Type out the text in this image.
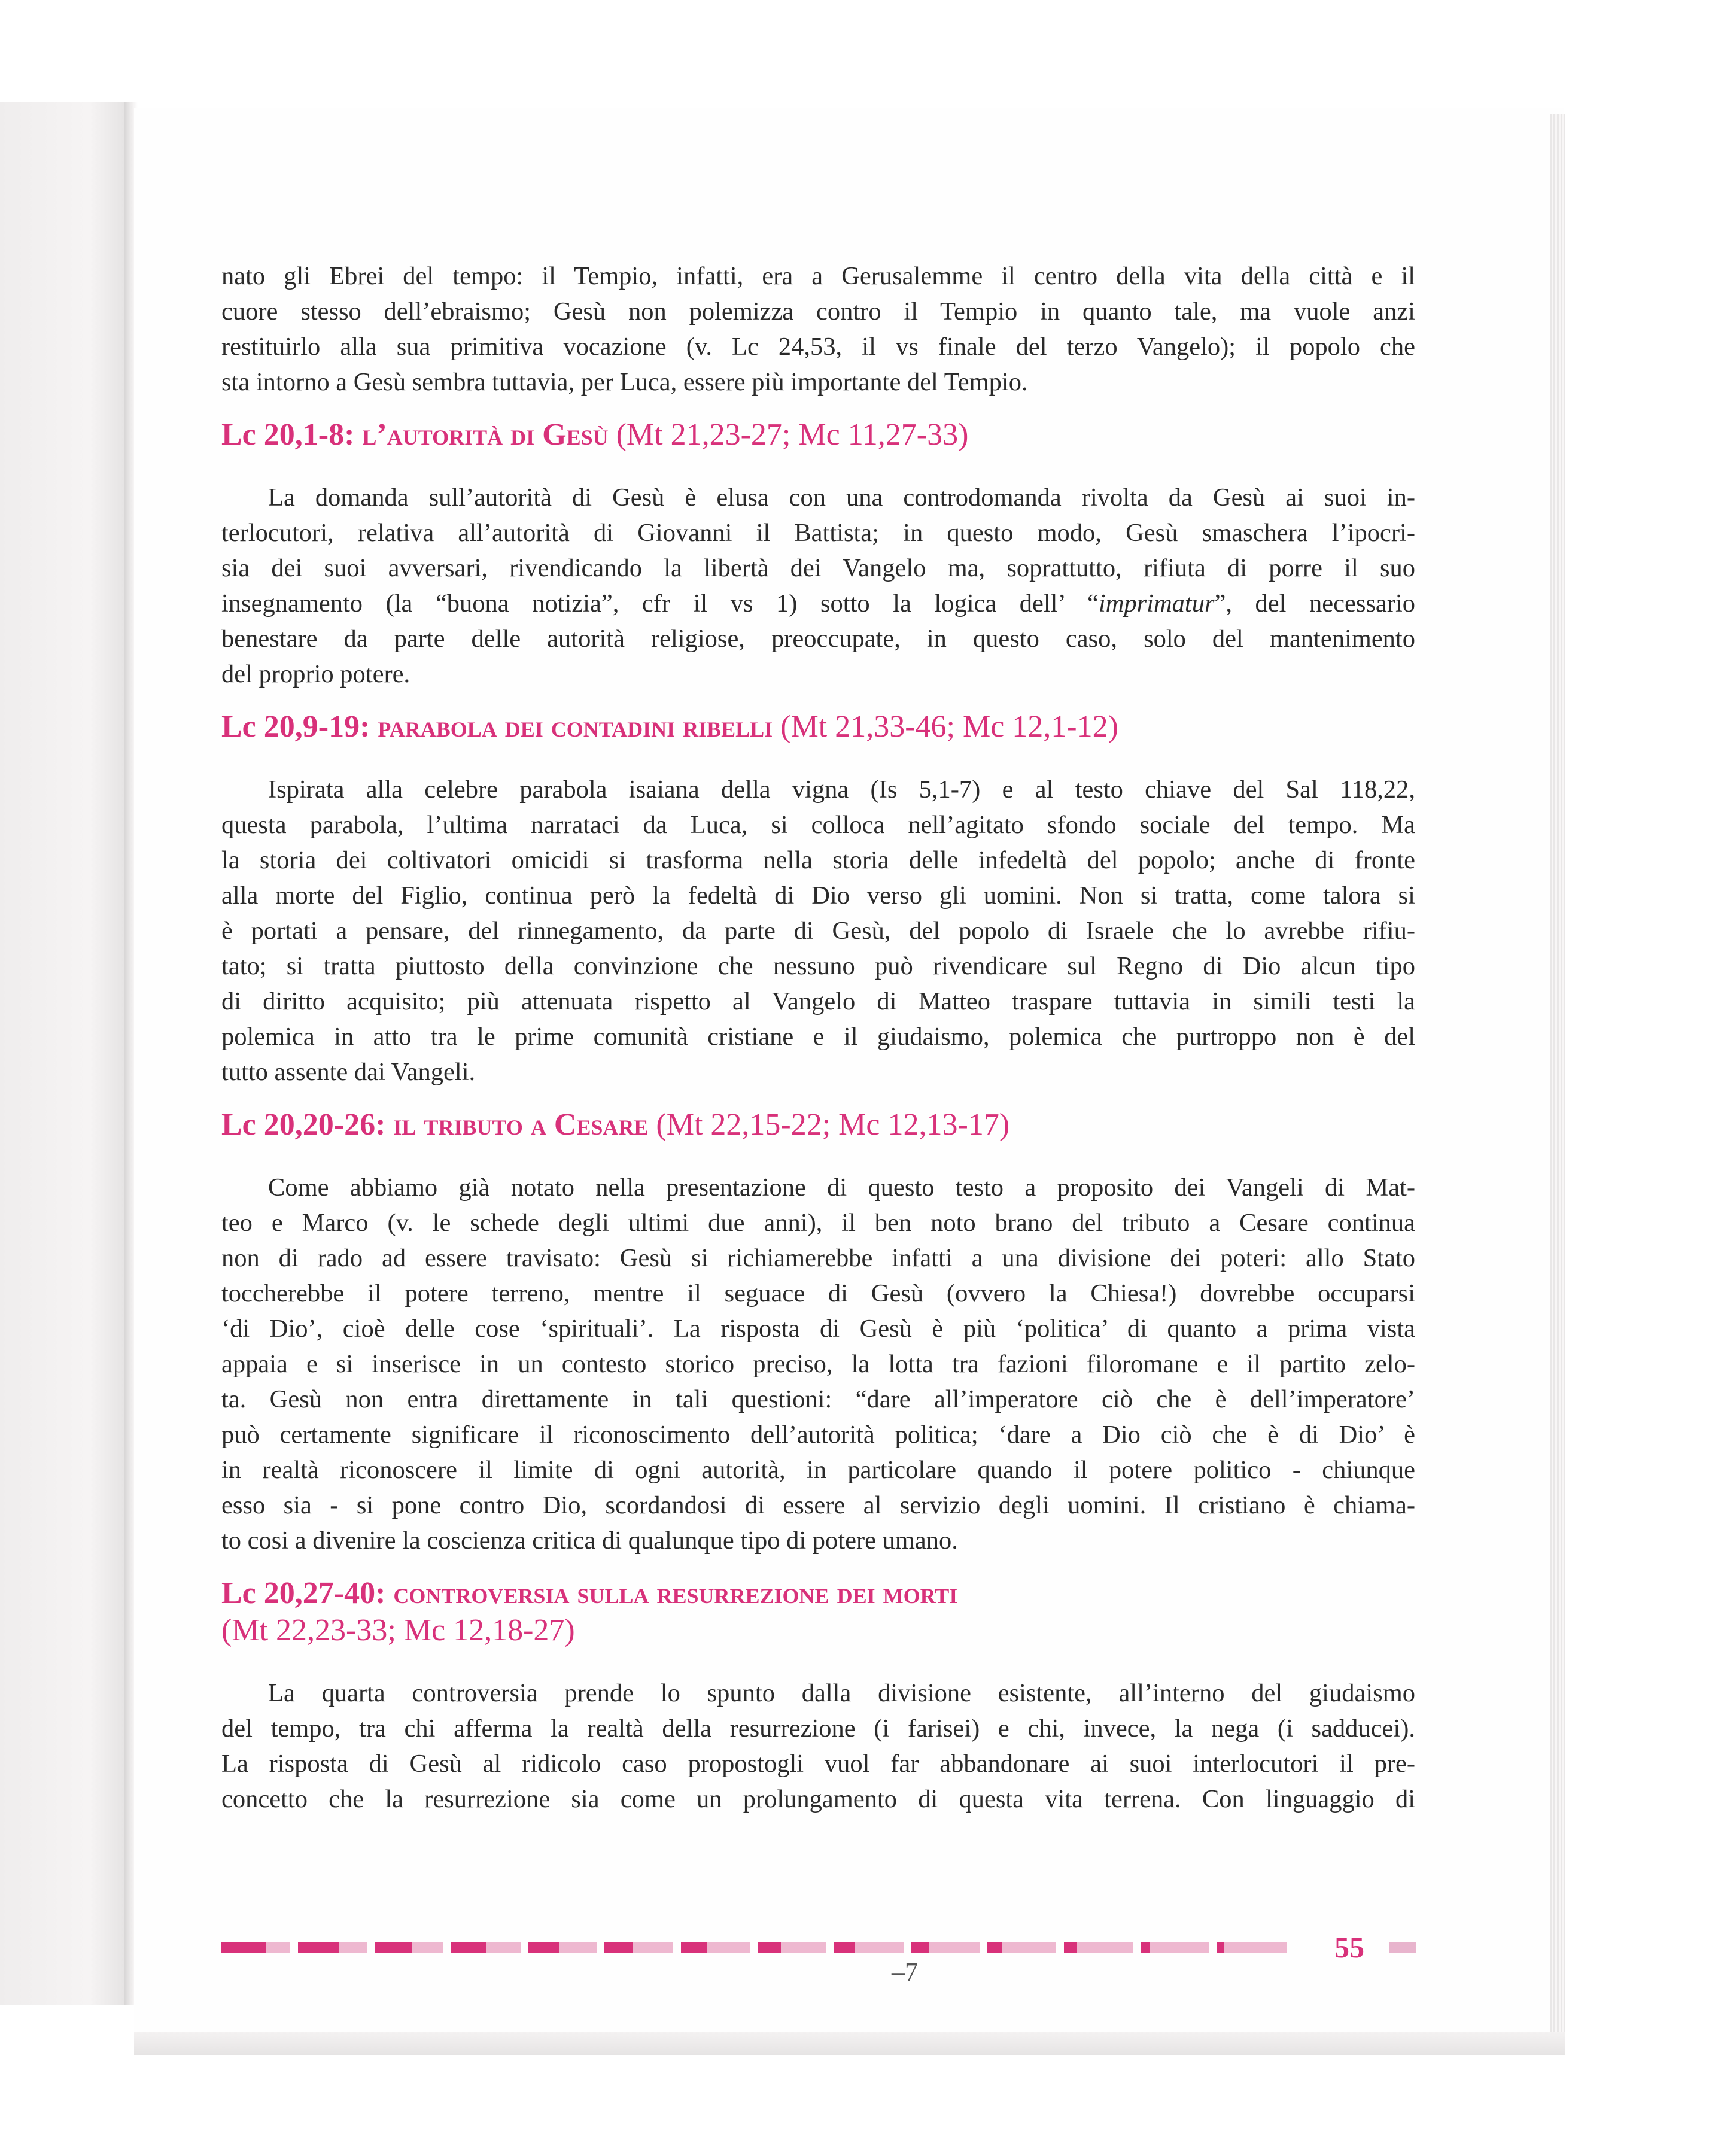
nato gli Ebrei del tempo: il Tempio, infatti, era a Gerusalemme il centro della vita della città e il
cuore stesso dell’ebraismo; Gesù non polemizza contro il Tempio in quanto tale, ma vuole anzi
restituirlo alla sua primitiva vocazione (v. Lc 24,53, il vs finale del terzo Vangelo); il popolo che
sta intorno a Gesù sembra tuttavia, per Luca, essere più importante del Tempio.
Lc 20,1-8: l’autorità di Gesù (Mt 21,23-27; Mc 11,27-33)
La domanda sull’autorità di Gesù è elusa con una controdomanda rivolta da Gesù ai suoi in-
terlocutori, relativa all’autorità di Giovanni il Battista; in questo modo, Gesù smaschera l’ipocri-
sia dei suoi avversari, rivendicando la libertà dei Vangelo ma, soprattutto, rifiuta di porre il suo
insegnamento (la “buona notizia”, cfr il vs 1) sotto la logica dell’ “imprimatur”, del necessario
benestare da parte delle autorità religiose, preoccupate, in questo caso, solo del mantenimento
del proprio potere.
Lc 20,9-19: parabola dei contadini ribelli (Mt 21,33-46; Mc 12,1-12)
Ispirata alla celebre parabola isaiana della vigna (Is 5,1-7) e al testo chiave del Sal 118,22,
questa parabola, l’ultima narrataci da Luca, si colloca nell’agitato sfondo sociale del tempo. Ma
la storia dei coltivatori omicidi si trasforma nella storia delle infedeltà del popolo; anche di fronte
alla morte del Figlio, continua però la fedeltà di Dio verso gli uomini. Non si tratta, come talora si
è portati a pensare, del rinnegamento, da parte di Gesù, del popolo di Israele che lo avrebbe rifiu-
tato; si tratta piuttosto della convinzione che nessuno può rivendicare sul Regno di Dio alcun tipo
di diritto acquisito; più attenuata rispetto al Vangelo di Matteo traspare tuttavia in simili testi la
polemica in atto tra le prime comunità cristiane e il giudaismo, polemica che purtroppo non è del
tutto assente dai Vangeli.
Lc 20,20-26: il tributo a Cesare (Mt 22,15-22; Mc 12,13-17)
Come abbiamo già notato nella presentazione di questo testo a proposito dei Vangeli di Mat-
teo e Marco (v. le schede degli ultimi due anni), il ben noto brano del tributo a Cesare continua
non di rado ad essere travisato: Gesù si richiamerebbe infatti a una divisione dei poteri: allo Stato
toccherebbe il potere terreno, mentre il seguace di Gesù (ovvero la Chiesa!) dovrebbe occuparsi
‘di Dio’, cioè delle cose ‘spirituali’. La risposta di Gesù è più ‘politica’ di quanto a prima vista
appaia e si inserisce in un contesto storico preciso, la lotta tra fazioni filoromane e il partito zelo-
ta. Gesù non entra direttamente in tali questioni: “dare all’imperatore ciò che è dell’imperatore’
può certamente significare il riconoscimento dell’autorità politica; ‘dare a Dio ciò che è di Dio’ è
in realtà riconoscere il limite di ogni autorità, in particolare quando il potere politico - chiunque
esso sia - si pone contro Dio, scordandosi di essere al servizio degli uomini. Il cristiano è chiama-
to cosi a divenire la coscienza critica di qualunque tipo di potere umano.
Lc 20,27-40: controversia sulla resurrezione dei morti
(Mt 22,23-33; Mc 12,18-27)
La quarta controversia prende lo spunto dalla divisione esistente, all’interno del giudaismo
del tempo, tra chi afferma la realtà della resurrezione (i farisei) e chi, invece, la nega (i sadducei).
La risposta di Gesù al ridicolo caso propostogli vuol far abbandonare ai suoi interlocutori il pre-
concetto che la resurrezione sia come un prolungamento di questa vita terrena. Con linguaggio di
55
–7
